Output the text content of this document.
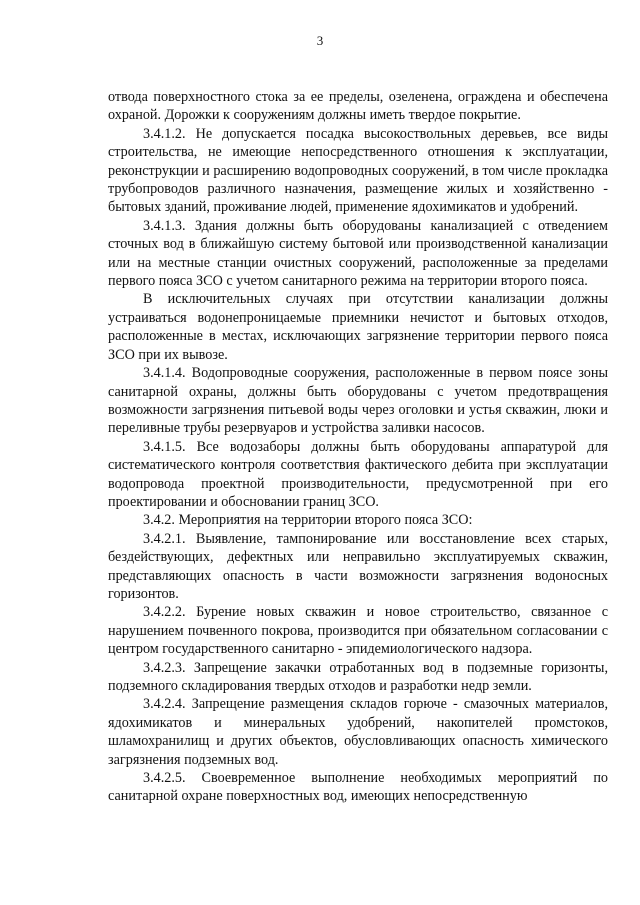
3

отвода поверхностного стока за ее пределы, озеленена, ограждена и обеспечена охраной. Дорожки к сооружениям должны иметь твердое покрытие.

3.4.1.2. Не допускается посадка высокоствольных деревьев, все виды строительства, не имеющие непосредственного отношения к эксплуатации, реконструкции и расширению водопроводных сооружений, в том числе прокладка трубопроводов различного назначения, размещение жилых и хозяйственно - бытовых зданий, проживание людей, применение ядохимикатов и удобрений.

3.4.1.3. Здания должны быть оборудованы канализацией с отведением сточных вод в ближайшую систему бытовой или производственной канализации или на местные станции очистных сооружений, расположенные за пределами первого пояса ЗСО с учетом санитарного режима на территории второго пояса.

В исключительных случаях при отсутствии канализации должны устраиваться водонепроницаемые приемники нечистот и бытовых отходов, расположенные в местах, исключающих загрязнение территории первого пояса ЗСО при их вывозе.

3.4.1.4. Водопроводные сооружения, расположенные в первом поясе зоны санитарной охраны, должны быть оборудованы с учетом предотвращения возможности загрязнения питьевой воды через оголовки и устья скважин, люки и переливные трубы резервуаров и устройства заливки насосов.

3.4.1.5. Все водозаборы должны быть оборудованы аппаратурой для систематического контроля соответствия фактического дебита при эксплуатации водопровода проектной производительности, предусмотренной при его проектировании и обосновании границ ЗСО.

3.4.2. Мероприятия на территории второго пояса ЗСО:

3.4.2.1. Выявление, тампонирование или восстановление всех старых, бездействующих, дефектных или неправильно эксплуатируемых скважин, представляющих опасность в части возможности загрязнения водоносных горизонтов.

3.4.2.2. Бурение новых скважин и новое строительство, связанное с нарушением почвенного покрова, производится при обязательном согласовании с центром государственного санитарно - эпидемиологического надзора.

3.4.2.3. Запрещение закачки отработанных вод в подземные горизонты, подземного складирования твердых отходов и разработки недр земли.

3.4.2.4. Запрещение размещения складов горюче - смазочных материалов, ядохимикатов и минеральных удобрений, накопителей промстоков, шламохранилищ и других объектов, обусловливающих опасность химического загрязнения подземных вод.

3.4.2.5. Своевременное выполнение необходимых мероприятий по санитарной охране поверхностных вод, имеющих непосредственную
